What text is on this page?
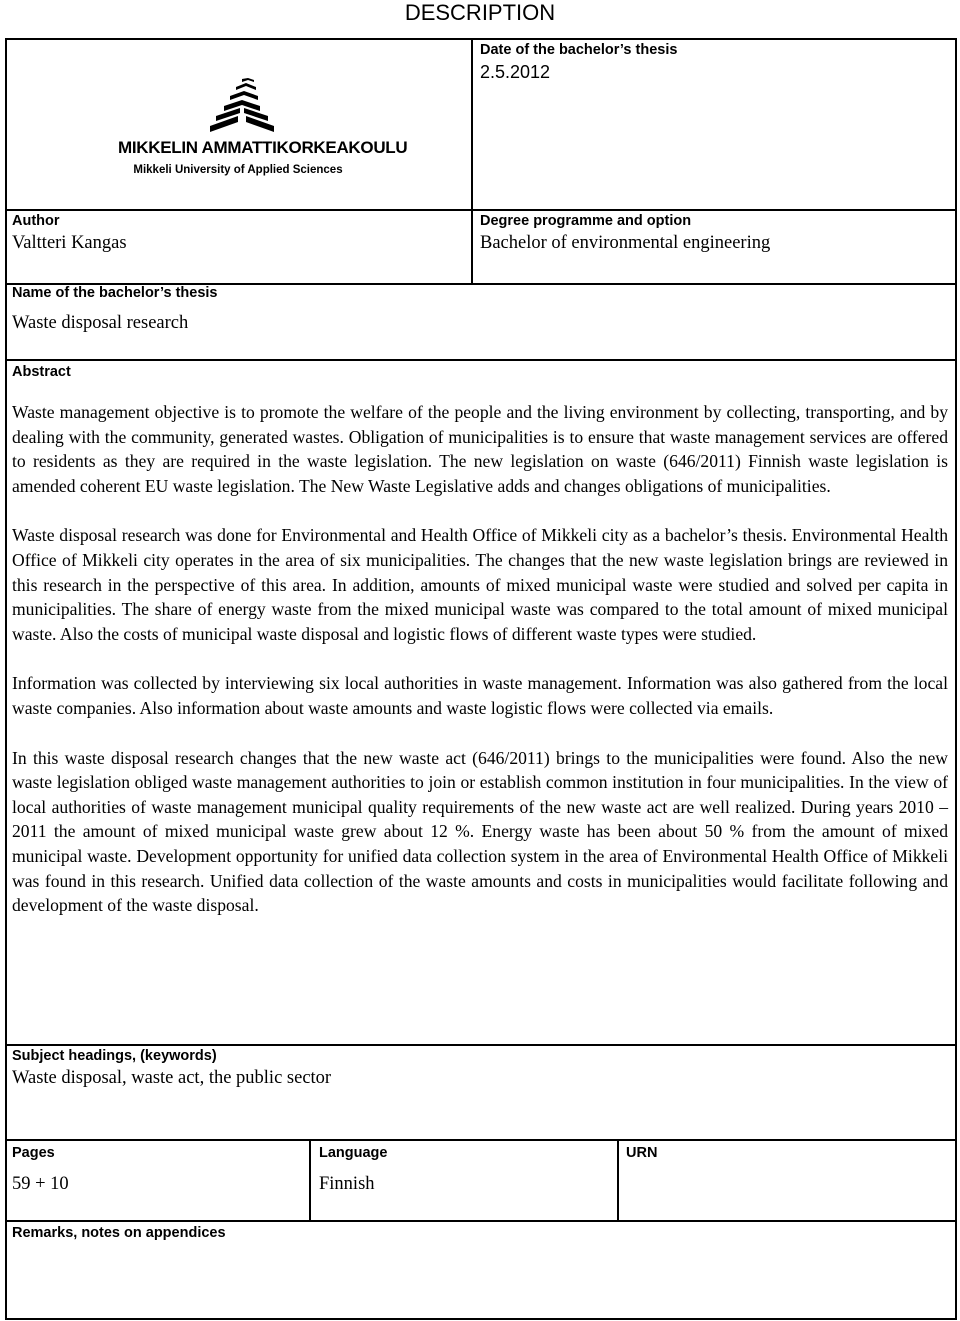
DESCRIPTION
MIKKELIN AMMATTIKORKEAKOULU
Mikkeli University of Applied Sciences
Date of the bachelor’s thesis
2.5.2012
Author
Valtteri Kangas
Degree programme and option
Bachelor of environmental engineering
Name of the bachelor’s thesis
Waste disposal research
Abstract

Waste management objective is to promote the welfare of the people and the living environment by collecting, transporting, and by dealing with the community, generated wastes. Obligation of municipalities is to ensure that waste management services are offered to residents as they are required in the waste legislation. The new legislation on waste (646/2011) Finnish waste legislation is amended coherent EU waste legislation. The New Waste Legislative adds and changes obligations of municipalities.

Waste disposal research was done for Environmental and Health Office of Mikkeli city as a bachelor’s thesis. Environmental Health Office of Mikkeli city operates in the area of six municipalities. The changes that the new waste legislation brings are reviewed in this research in the perspective of this area. In addition, amounts of mixed municipal waste were studied and solved per capita in municipalities. The share of energy waste from the mixed municipal waste was compared to the total amount of mixed municipal waste. Also the costs of municipal waste disposal and logistic flows of different waste types were studied.

Information was collected by interviewing six local authorities in waste management. Information was also gathered from the local waste companies. Also information about waste amounts and waste logistic flows were collected via emails.

In this waste disposal research changes that the new waste act (646/2011) brings to the municipalities were found. Also the new waste legislation obliged waste management authorities to join or establish common institution in four municipalities. In the view of local authorities of waste management municipal quality requirements of the new waste act are well realized. During years 2010 – 2011 the amount of mixed municipal waste grew about 12 %. Energy waste has been about 50 % from the amount of mixed municipal waste. Development opportunity for unified data collection system in the area of Environmental Health Office of Mikkeli was found in this research. Unified data collection of the waste amounts and costs in municipalities would facilitate following and development of the waste disposal.

Subject headings, (keywords)
Waste disposal, waste act, the public sector
Pages
59 + 10
Language
Finnish
URN
Remarks, notes on appendices
